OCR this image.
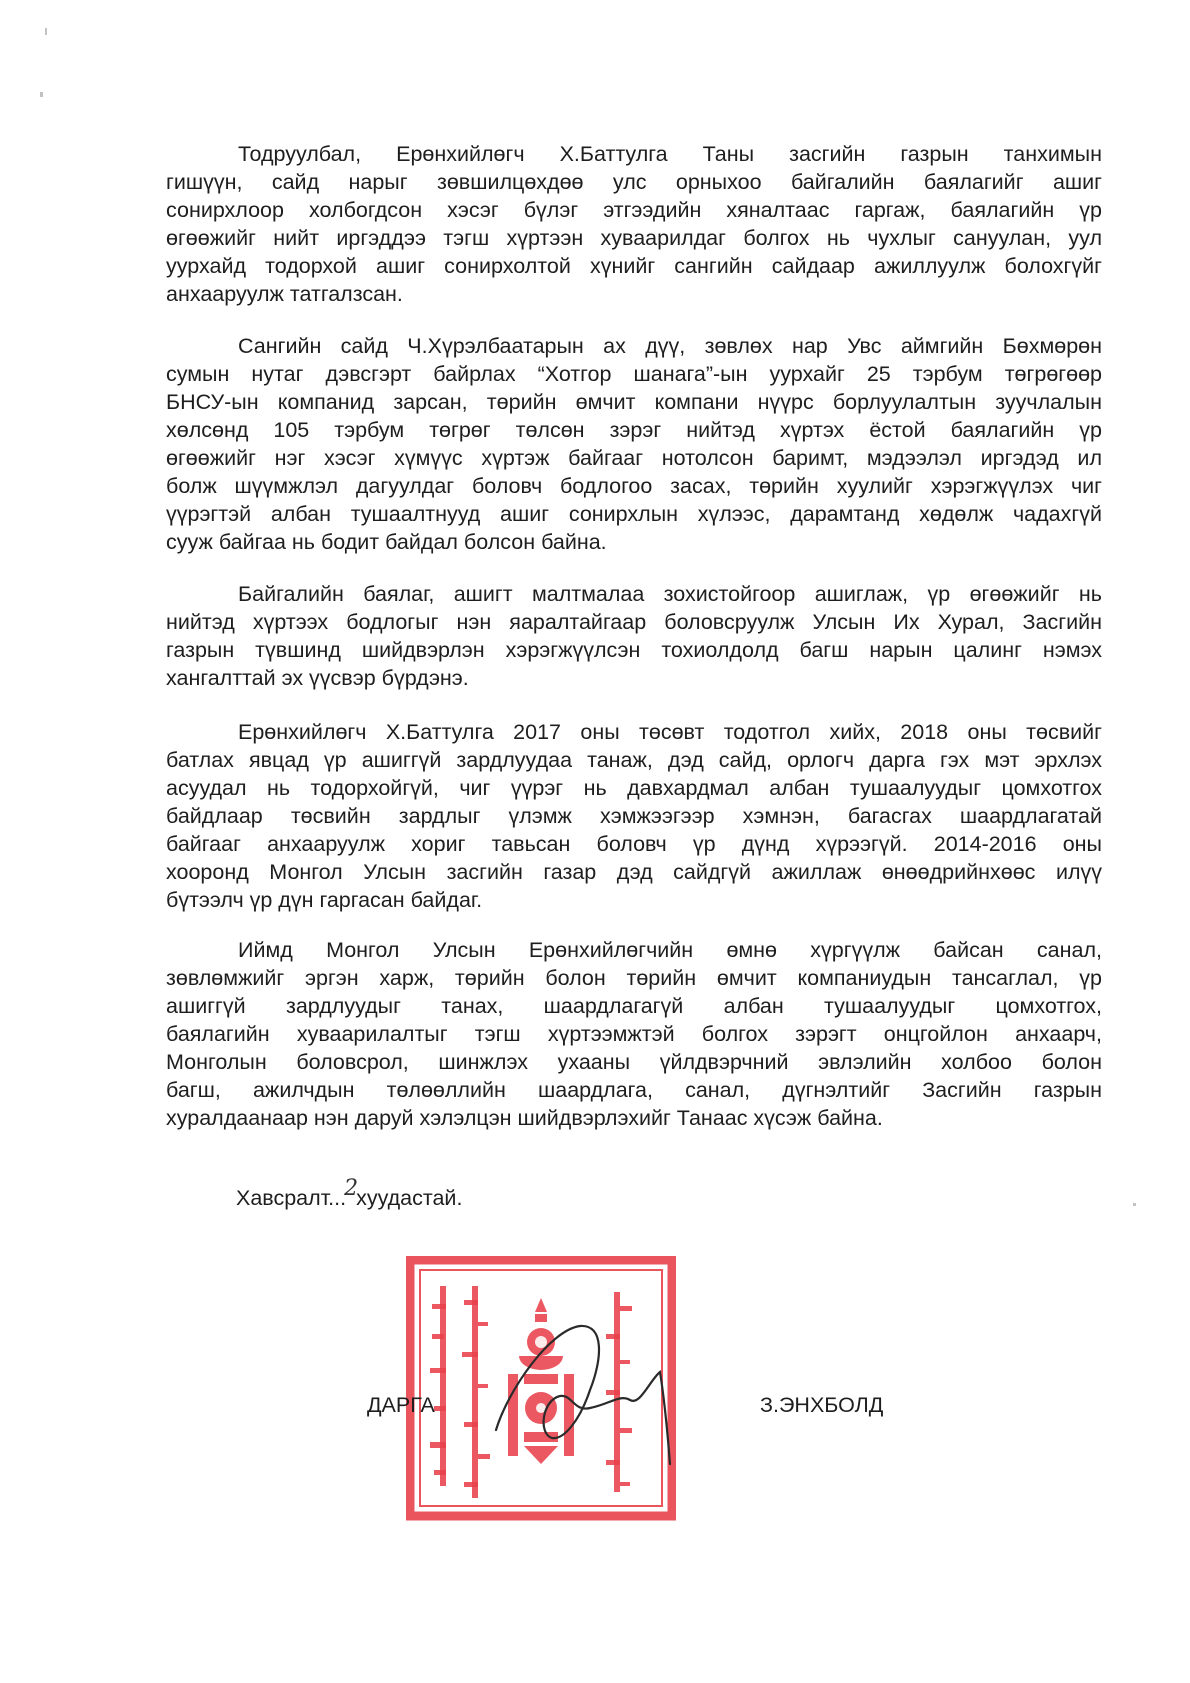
Тодруулбал, Ерөнхийлөгч Х.Баттулга Таны засгийн газрын танхимын
гишүүн, сайд нарыг зөвшилцөхдөө улс орныхоо байгалийн баялагийг ашиг
сонирхлоор холбогдсон хэсэг бүлэг этгээдийн хяналтаас гаргаж, баялагийн үр
өгөөжийг нийт иргэддээ тэгш хүртээн хуваарилдаг болгох нь чухлыг сануулан, уул
уурхайд тодорхой ашиг сонирхолтой хүнийг сангийн сайдаар ажиллуулж болохгүйг
анхааруулж татгалзсан.
Сангийн сайд Ч.Хүрэлбаатарын ах дүү, зөвлөх нар Увс аймгийн Бөхмөрөн
сумын нутаг дэвсгэрт байрлах “Хотгор шанага”-ын уурхайг 25 тэрбум төгрөгөөр
БНСУ-ын компанид зарсан, төрийн өмчит компани нүүрс борлуулалтын зуучлалын
хөлсөнд 105 тэрбум төгрөг төлсөн зэрэг нийтэд хүртэх ёстой баялагийн үр
өгөөжийг нэг хэсэг хүмүүс хүртэж байгааг нотолсон баримт, мэдээлэл иргэдэд ил
болж шүүмжлэл дагуулдаг боловч бодлогоо засах, төрийн хуулийг хэрэгжүүлэх чиг
үүрэгтэй албан тушаалтнууд ашиг сонирхлын хүлээс, дарамтанд хөдөлж чадахгүй
сууж байгаа нь бодит байдал болсон байна.
Байгалийн баялаг, ашигт малтмалаа зохистойгоор ашиглаж, үр өгөөжийг нь
нийтэд хүртээх бодлогыг нэн яаралтайгаар боловсруулж Улсын Их Хурал, Засгийн
газрын түвшинд шийдвэрлэн хэрэгжүүлсэн тохиолдолд багш нарын цалинг нэмэх
хангалттай эх үүсвэр бүрдэнэ.
Ерөнхийлөгч Х.Баттулга 2017 оны төсөвт тодотгол хийх, 2018 оны төсвийг
батлах явцад үр ашиггүй зардлуудаа танаж, дэд сайд, орлогч дарга гэх мэт эрхлэх
асуудал нь тодорхойгүй, чиг үүрэг нь давхардмал албан тушаалуудыг цомхотгох
байдлаар төсвийн зардлыг үлэмж хэмжээгээр хэмнэн, багасгах шаардлагатай
байгааг анхааруулж хориг тавьсан боловч үр дүнд хүрээгүй. 2014-2016 оны
хооронд Монгол Улсын засгийн газар дэд сайдгүй ажиллаж өнөөдрийнхөөс илүү
бүтээлч үр дүн гаргасан байдаг.
Иймд Монгол Улсын Ерөнхийлөгчийн өмнө хүргүүлж байсан санал,
зөвлөмжийг эргэн харж, төрийн болон төрийн өмчит компаниудын тансаглал, үр
ашиггүй зардлуудыг танах, шаардлагагүй албан тушаалуудыг цомхотгох,
баялагийн хуваарилалтыг тэгш хүртээмжтэй болгох зэрэгт онцгойлон анхаарч,
Монголын боловсрол, шинжлэх ухааны үйлдвэрчний эвлэлийн холбоо болон
багш, ажилчдын төлөөллийн шаардлага, санал, дүгнэлтийг Засгийн газрын
хуралдаанаар нэн даруй хэлэлцэн шийдвэрлэхийг Танаас хүсэж байна.
Хавсралт...2хуудастай.
ДАРГА	З.ЭНХБОЛД
